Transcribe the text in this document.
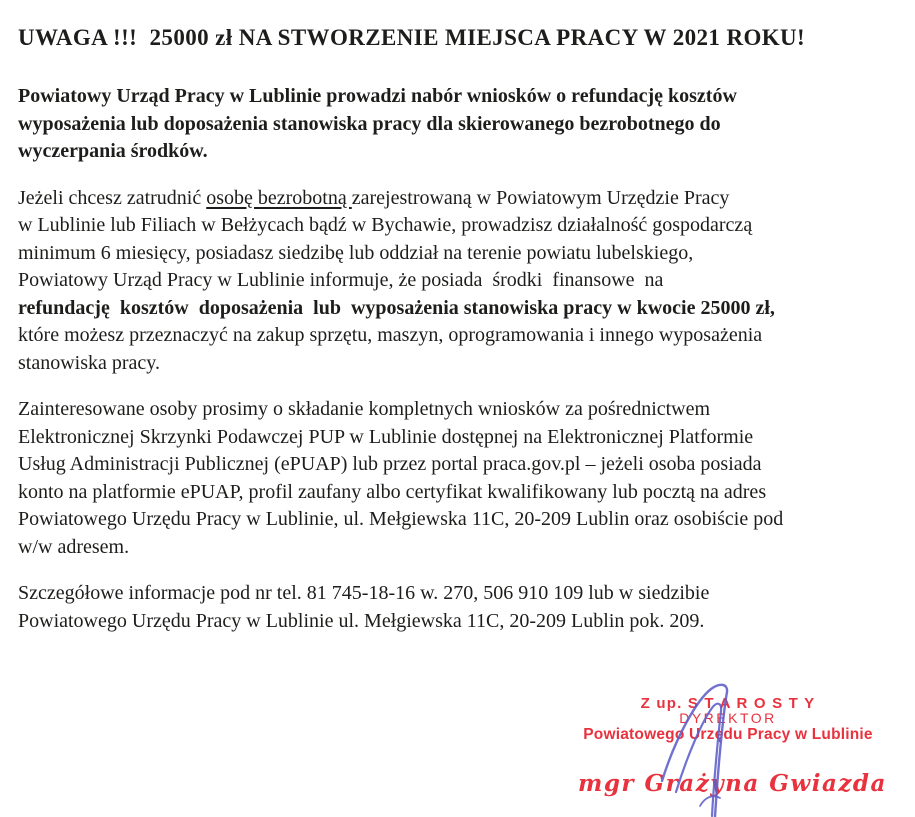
UWAGA !!!  25000 zł NA STWORZENIE MIEJSCA PRACY W 2021 ROKU!
Powiatowy Urząd Pracy w Lublinie prowadzi nabór wniosków o refundację kosztów
wyposażenia lub doposażenia stanowiska pracy dla skierowanego bezrobotnego do
wyczerpania środków.
Jeżeli chcesz zatrudnić osobę bezrobotną zarejestrowaną w Powiatowym Urzędzie Pracy
w Lublinie lub Filiach w Bełżycach bądź w Bychawie, prowadzisz działalność gospodarczą
minimum 6 miesięcy, posiadasz siedzibę lub oddział na terenie powiatu lubelskiego,
Powiatowy Urząd Pracy w Lublinie informuje, że posiada  środki  finansowe  na
refundację  kosztów  doposażenia  lub  wyposażenia stanowiska pracy w kwocie 25000 zł,
które możesz przeznaczyć na zakup sprzętu, maszyn, oprogramowania i innego wyposażenia
stanowiska pracy.
Zainteresowane osoby prosimy o składanie kompletnych wniosków za pośrednictwem
Elektronicznej Skrzynki Podawczej PUP w Lublinie dostępnej na Elektronicznej Platformie
Usług Administracji Publicznej (ePUAP) lub przez portal praca.gov.pl – jeżeli osoba posiada
konto na platformie ePUAP, profil zaufany albo certyfikat kwalifikowany lub pocztą na adres
Powiatowego Urzędu Pracy w Lublinie, ul. Mełgiewska 11C, 20-209 Lublin oraz osobiście pod
w/w adresem.
Szczegółowe informacje pod nr tel. 81 745-18-16 w. 270, 506 910 109 lub w siedzibie
Powiatowego Urzędu Pracy w Lublinie ul. Mełgiewska 11C, 20-209 Lublin pok. 209.
Z up. S T A R O S T Y
DYREKTOR
Powiatowego Urzędu Pracy w Lublinie
mgr Grażyna Gwiazda
